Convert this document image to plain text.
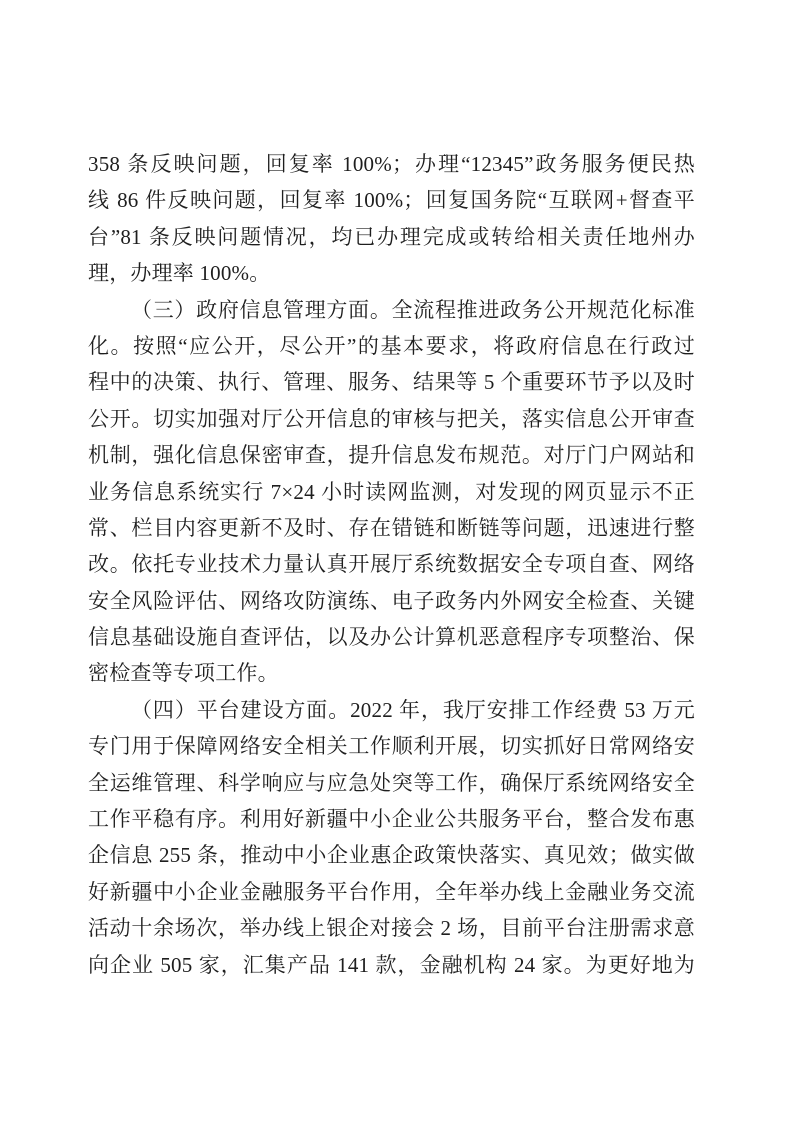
358 条反映问题，回复率 100%；办理“12345”政务服务便民热
线 86 件反映问题，回复率 100%；回复国务院“互联网+督查平
台”81 条反映问题情况，均已办理完成或转给相关责任地州办
理，办理率 100%。
（三）政府信息管理方面。全流程推进政务公开规范化标准
化。按照“应公开，尽公开”的基本要求，将政府信息在行政过
程中的决策、执行、管理、服务、结果等 5 个重要环节予以及时
公开。切实加强对厅公开信息的审核与把关，落实信息公开审查
机制，强化信息保密审查，提升信息发布规范。对厅门户网站和
业务信息系统实行 7×24 小时读网监测，对发现的网页显示不正
常、栏目内容更新不及时、存在错链和断链等问题，迅速进行整
改。依托专业技术力量认真开展厅系统数据安全专项自查、网络
安全风险评估、网络攻防演练、电子政务内外网安全检查、关键
信息基础设施自查评估，以及办公计算机恶意程序专项整治、保
密检查等专项工作。
（四）平台建设方面。2022 年，我厅安排工作经费 53 万元
专门用于保障网络安全相关工作顺利开展，切实抓好日常网络安
全运维管理、科学响应与应急处突等工作，确保厅系统网络安全
工作平稳有序。利用好新疆中小企业公共服务平台，整合发布惠
企信息 255 条，推动中小企业惠企政策快落实、真见效；做实做
好新疆中小企业金融服务平台作用，全年举办线上金融业务交流
活动十余场次，举办线上银企对接会 2 场，目前平台注册需求意
向企业 505 家，汇集产品 141 款，金融机构 24 家。为更好地为
